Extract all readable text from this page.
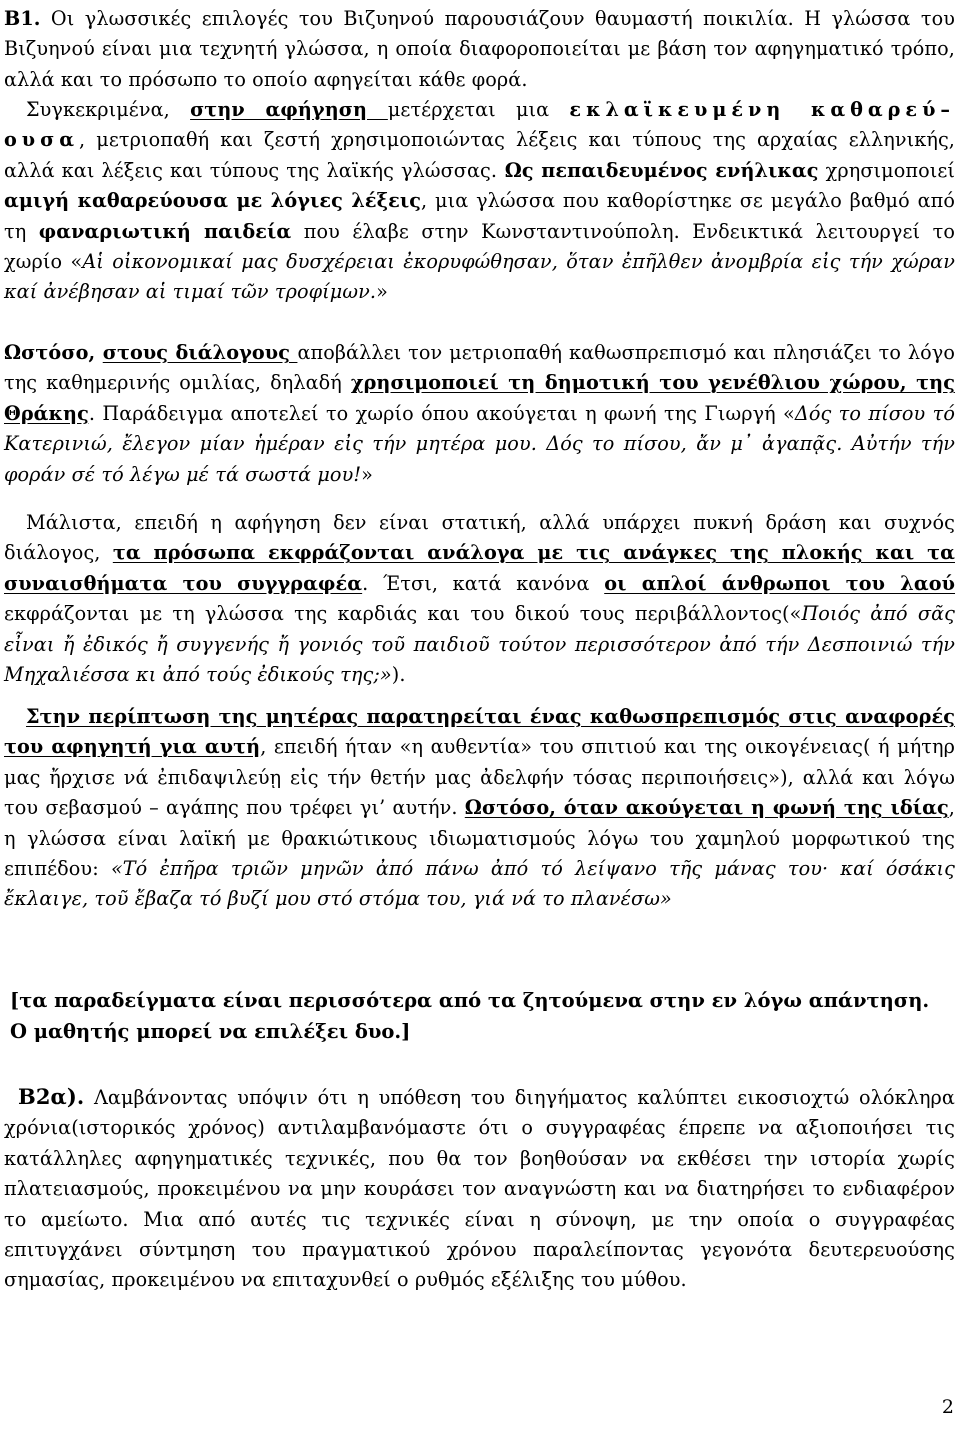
B1. Οι γλωσσικές επιλογές του Βιζυηνού παρουσιάζουν θαυμαστή ποικιλία. Η γλώσσα του Βιζυηνού είναι μια τεχνητή γλώσσα, η οποία διαφοροποιείται με βάση τον αφηγηματικό τρόπο, αλλά και το πρόσωπο το οποίο αφηγείται κάθε φορά.
Συγκεκριμένα, στην αφήγηση μετέρχεται μια εκλαϊκευμένη καθαρεύ– ουσα, μετριοπαθή και ζεστή χρησιμοποιώντας λέξεις και τύπους της αρχαίας ελληνικής, αλλά και λέξεις και τύπους της λαϊκής γλώσσας. Ως πεπαιδευμένος ενήλικας χρησιμοποιεί αμιγή καθαρεύουσα με λόγιες λέξεις, μια γλώσσα που καθορίστηκε σε μεγάλο βαθμό από τη φαναριωτική παιδεία που έλαβε στην Κωνσταντινούπολη. Ενδεικτικά λειτουργεί το χωρίο «Αἱ οἰκονομικαί μας δυσχέρειαι ἐκορυφώθησαν, ὅταν ἐπῆλθεν ἀνομβρία εἰς τήν χώραν καί ἀνέβησαν αἱ τιμαί τῶν τροφίμων.»
Ωστόσο, στους διάλογους αποβάλλει τον μετριοπαθή καθωσπρεπισμό και πλησιάζει το λόγο της καθημερινής ομιλίας, δηλαδή χρησιμοποιεί τη δημοτική του γενέθλιου χώρου, της Θράκης. Παράδειγμα αποτελεί το χωρίο όπου ακούγεται η φωνή της Γιωργή «Δός το πίσου τό Κατερινιώ, ἔλεγον μίαν ἡμέραν εἰς τήν μητέρα μου. Δός το πίσου, ἄν μ᾽ ἀγαπᾷς. Αὐτήν τήν φοράν σέ τό λέγω μέ τά σωστά μου!»
Μάλιστα, επειδή η αφήγηση δεν είναι στατική, αλλά υπάρχει πυκνή δράση και συχνός διάλογος, τα πρόσωπα εκφράζονται ανάλογα με τις ανάγκες της πλοκής και τα συναισθήματα του συγγραφέα. Έτσι, κατά κανόνα οι απλοί άνθρωποι του λαού εκφράζονται με τη γλώσσα της καρδιάς και του δικού τους περιβάλλοντος(«Ποιός ἀπό σᾶς εἶναι ἤ ἐδικός ἤ συγγενής ἤ γονιός τοῦ παιδιοῦ τούτον περισσότερον ἀπό τήν Δεσποινιώ τήν Μηχαλιέσσα κι ἀπό τούς ἐδικούς της;»).
Στην περίπτωση της μητέρας παρατηρείται ένας καθωσπρεπισμός στις αναφορές του αφηγητή για αυτή, επειδή ήταν «η αυθεντία» του σπιτιού και της οικογένειας( ή μήτηρ μας ἤρχισε νά ἐπιδαψιλεύῃ εἰς τήν θετήν μας ἀδελφήν τόσας περιποιήσεις»), αλλά και λόγω του σεβασμού – αγάπης που τρέφει γι’ αυτήν. Ωστόσο, όταν ακούγεται η φωνή της ιδίας, η γλώσσα είναι λαϊκή με θρακιώτικους ιδιωματισμούς λόγω του χαμηλού μορφωτικού της επιπέδου: «Τό ἐπῆρα τριῶν μηνῶν ἀπό πάνω ἀπό τό λείψανο τῆς μάνας του· καί όσάκις ἔκλαιγε, τοῦ ἔβαζα τό βυζί μου στό στόμα του, γιά νά το πλανέσω»
[τα παραδείγματα είναι περισσότερα από τα ζητούμενα στην εν λόγω απάντηση.
Ο μαθητής μπορεί να επιλέξει δυο.]
Β2α). Λαμβάνοντας υπόψιν ότι η υπόθεση του διηγήματος καλύπτει εικοσιοχτώ ολόκληρα χρόνια(ιστορικός χρόνος) αντιλαμβανόμαστε ότι ο συγγραφέας έπρεπε να αξιοποιήσει τις κατάλληλες αφηγηματικές τεχνικές, που θα τον βοηθούσαν να εκθέσει την ιστορία χωρίς πλατειασμούς, προκειμένου να μην κουράσει τον αναγνώστη και να διατηρήσει το ενδιαφέρον το αμείωτο. Μια από αυτές τις τεχνικές είναι η σύνοψη, με την οποία ο συγγραφέας επιτυγχάνει σύντμηση του πραγματικού χρόνου παραλείποντας γεγονότα δευτερευούσης σημασίας, προκειμένου να επιταχυνθεί ο ρυθμός εξέλιξης του μύθου.
2
